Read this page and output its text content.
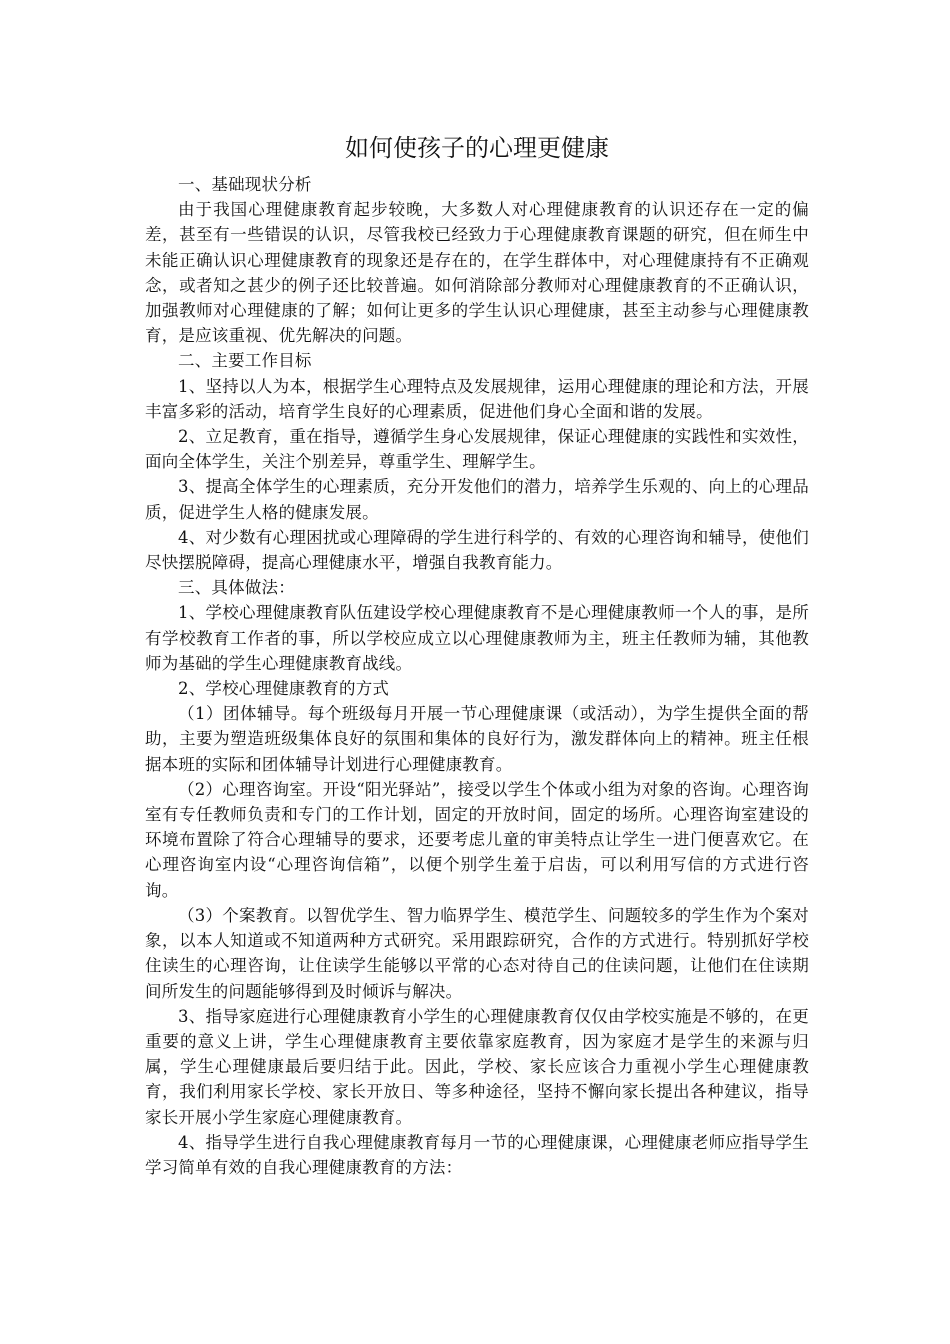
如何使孩子的心理更健康

一、基础现状分析

由于我国心理健康教育起步较晚，大多数人对心理健康教育的认识还存在一定的偏差，甚至有一些错误的认识，尽管我校已经致力于心理健康教育课题的研究，但在师生中未能正确认识心理健康教育的现象还是存在的，在学生群体中，对心理健康持有不正确观念，或者知之甚少的例子还比较普遍。如何消除部分教师对心理健康教育的不正确认识，加强教师对心理健康的了解；如何让更多的学生认识心理健康，甚至主动参与心理健康教育，是应该重视、优先解决的问题。

二、主要工作目标

1、坚持以人为本，根据学生心理特点及发展规律，运用心理健康的理论和方法，开展丰富多彩的活动，培育学生良好的心理素质，促进他们身心全面和谐的发展。

2、立足教育，重在指导，遵循学生身心发展规律，保证心理健康的实践性和实效性，面向全体学生，关注个别差异，尊重学生、理解学生。

3、提高全体学生的心理素质，充分开发他们的潜力，培养学生乐观的、向上的心理品质，促进学生人格的健康发展。

4、对少数有心理困扰或心理障碍的学生进行科学的、有效的心理咨询和辅导，使他们尽快摆脱障碍，提高心理健康水平，增强自我教育能力。

三、具体做法：

1、学校心理健康教育队伍建设学校心理健康教育不是心理健康教师一个人的事，是所有学校教育工作者的事，所以学校应成立以心理健康教师为主，班主任教师为辅，其他教师为基础的学生心理健康教育战线。

2、学校心理健康教育的方式

（1）团体辅导。每个班级每月开展一节心理健康课（或活动），为学生提供全面的帮助，主要为塑造班级集体良好的氛围和集体的良好行为，激发群体向上的精神。班主任根据本班的实际和团体辅导计划进行心理健康教育。

（2）心理咨询室。开设“阳光驿站”，接受以学生个体或小组为对象的咨询。心理咨询室有专任教师负责和专门的工作计划，固定的开放时间，固定的场所。心理咨询室建设的环境布置除了符合心理辅导的要求，还要考虑儿童的审美特点让学生一进门便喜欢它。在心理咨询室内设“心理咨询信箱”，以便个别学生羞于启齿，可以利用写信的方式进行咨询。

（3）个案教育。以智优学生、智力临界学生、模范学生、问题较多的学生作为个案对象，以本人知道或不知道两种方式研究。采用跟踪研究，合作的方式进行。特别抓好学校住读生的心理咨询，让住读学生能够以平常的心态对待自己的住读问题，让他们在住读期间所发生的问题能够得到及时倾诉与解决。

3、指导家庭进行心理健康教育小学生的心理健康教育仅仅由学校实施是不够的，在更重要的意义上讲，学生心理健康教育主要依靠家庭教育，因为家庭才是学生的来源与归属，学生心理健康最后要归结于此。因此，学校、家长应该合力重视小学生心理健康教育，我们利用家长学校、家长开放日、等多种途径，坚持不懈向家长提出各种建议，指导家长开展小学生家庭心理健康教育。

4、指导学生进行自我心理健康教育每月一节的心理健康课，心理健康老师应指导学生学习简单有效的自我心理健康教育的方法：
